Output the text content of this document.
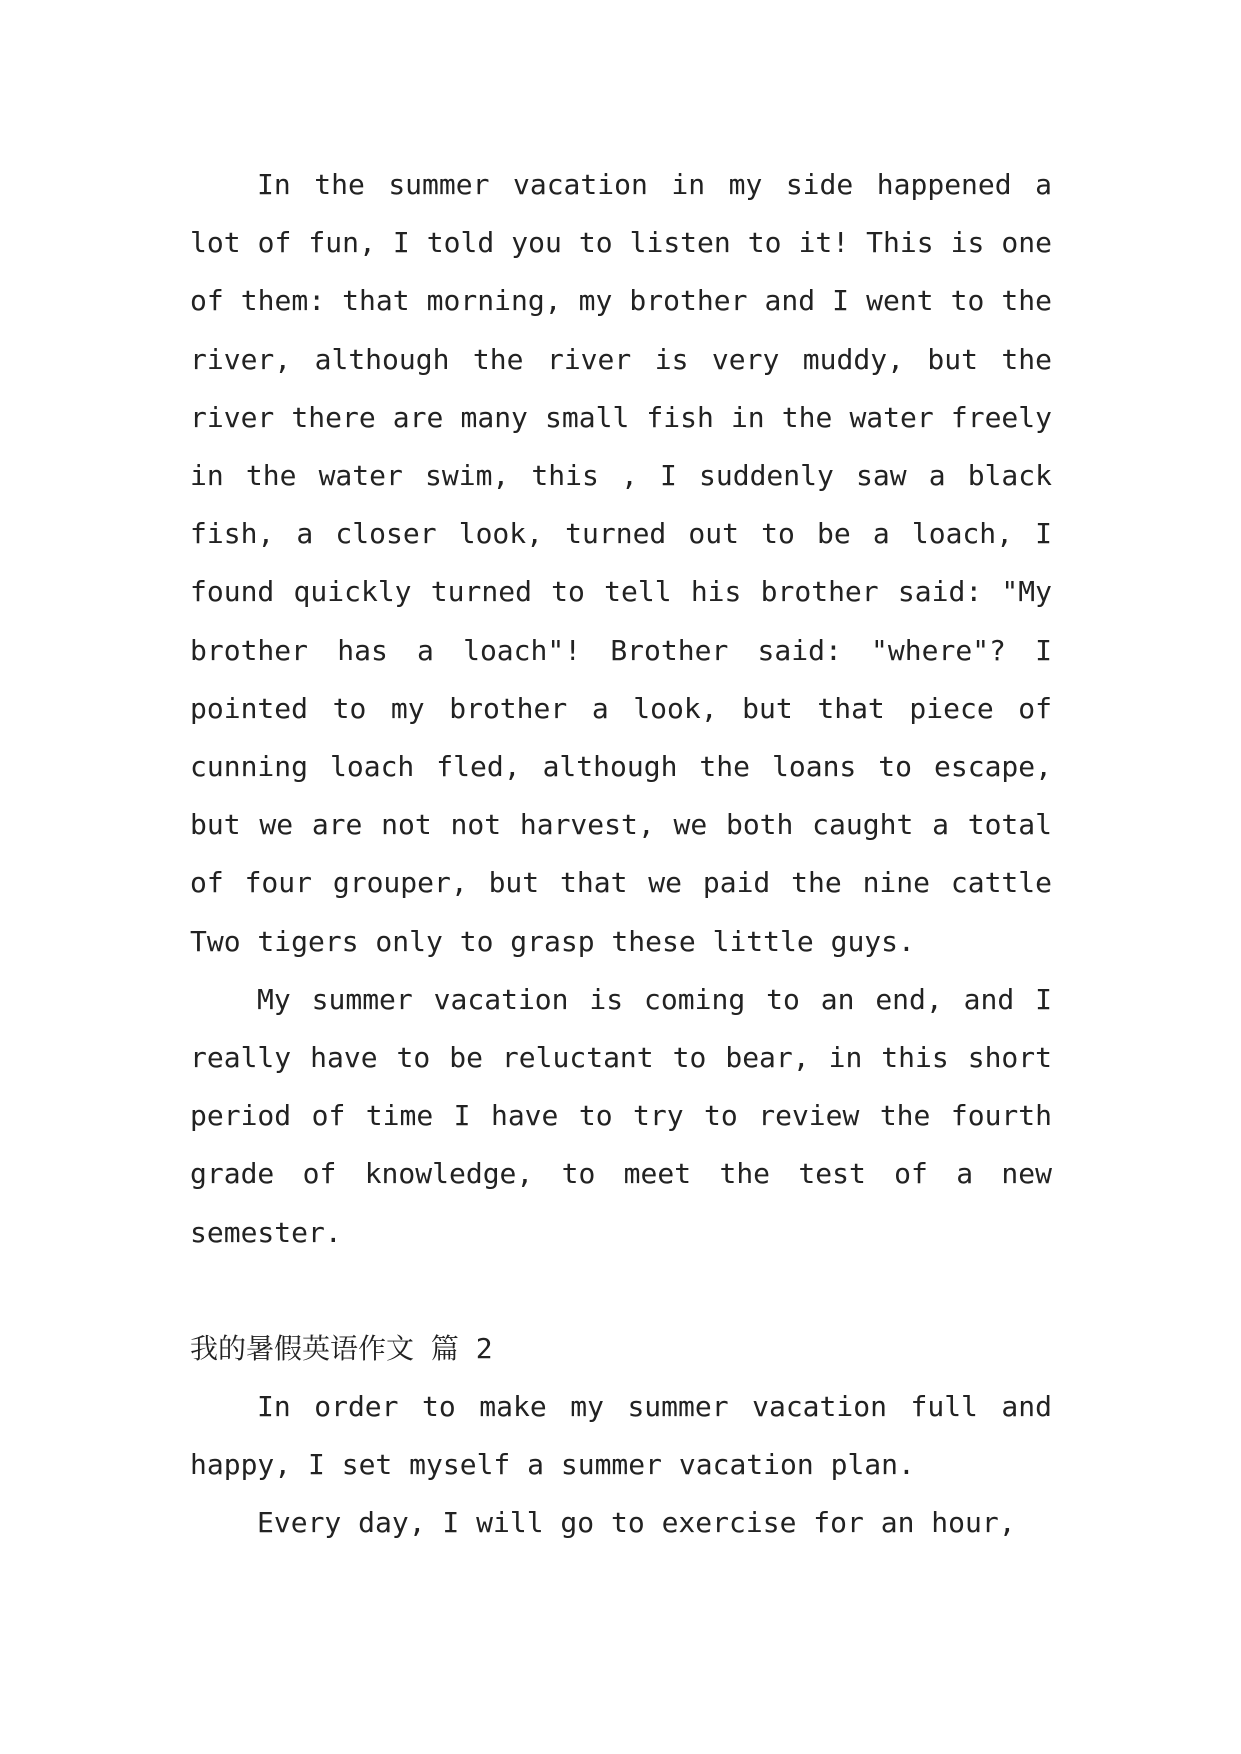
In the summer vacation in my side happened a lot of fun, I told you to listen to it! This is one of them: that morning, my brother and I went to the river, although the river is very muddy, but the river there are many small fish in the water freely in the water swim, this , I suddenly saw a black fish, a closer look, turned out to be a loach, I found quickly turned to tell his brother said: "My brother has a loach"! Brother said: "where"? I pointed to my brother a look, but that piece of cunning loach fled, although the loans to escape, but we are not not harvest, we both caught a total of four grouper, but that we paid the nine cattle Two tigers only to grasp these little guys.

My summer vacation is coming to an end, and I really have to be reluctant to bear, in this short period of time I have to try to review the fourth grade of knowledge, to meet the test of a new semester.

我的暑假英语作文 篇 2

In order to make my summer vacation full and happy, I set myself a summer vacation plan.

Every day, I will go to exercise for an hour,
